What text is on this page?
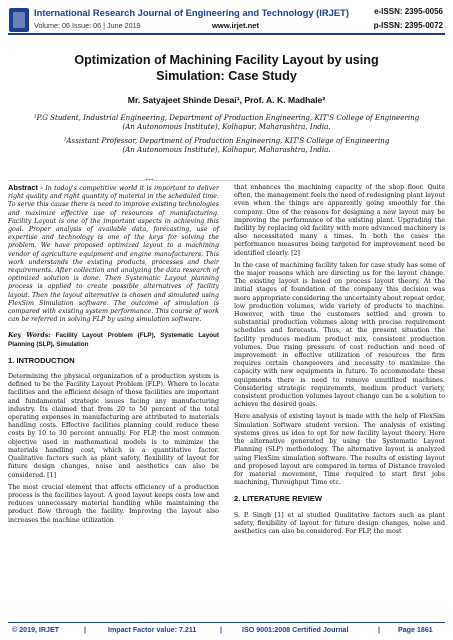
International Research Journal of Engineering and Technology (IRJET)	e-ISSN: 2395-0056
Volume: 06 Issue: 06 | June 2019	www.irjet.net	p-ISSN: 2395-0072
Optimization of Machining Facility Layout by using
Simulation: Case Study
Mr. Satyajeet Shinde Desai¹, Prof. A. K. Madhale²
¹P.G Student, Industrial Engineering, Department of Production Engineering, KIT'S College of Engineering
(An Autonomous Institute), Kolhapur, Maharashtra, India.
²Assistant Professor, Department of Production Engineering, KIT'S College of Engineering
(An Autonomous Institute), Kolhapur, Maharashtra, India.
---------------------------------------------------------------------***---------------------------------------------------------------------

Abstract - In today's competitive world it is important to deliver right quality and right quantity of material in the scheduled time. To serve this cause there is need to improve existing technologies and maximize effective use of resources of manufacturing. Facility Layout is one of the important aspects in achieving this goal. Proper analysis of available data, forecasting, use of expertise and technology is one of the keys for solving the problem. We have proposed optimized layout to a machining vendor of agriculture equipment and engine manufacturers. This work understands the existing products, processes and their requirements. After collection and analyzing the data research of optimized solution is done. Then Systematic Layout planning process is applied to create possible alternatives of facility layout. Then the layout alternative is chosen and simulated using FlexSim Simulation software. The outcome of simulation is compared with existing system performance. This course of work can be referred in solving FLP by using simulation software.

Key Words: Facility Layout Problem (FLP), Systematic Layout Planning (SLP), Simulation

1. INTRODUCTION

Determining the physical organization of a production system is defined to be the Facility Layout Problem (FLP). Where to locate facilities and the efficient design of those facilities are important and fundamental strategic issues facing any manufacturing industry. Its claimed that from 20 to 50 percent of the total operating expenses in manufacturing are attributed to materials handling costs. Effective facilities planning could reduce these costs by 10 to 30 percent annually. For FLP, the most common objective used in mathematical models is to minimize the materials handling cost, which is a quantitative factor. Qualitative factors such as plant safety, flexibility of layout for future design changes, noise and aesthetics can also be considered. [1]

The most crucial element that affects efficiency of a production process is the facilities layout. A good layout keeps costs low and reduces unnecessary material handling while maintaining the product flow through the facility. Improving the layout also increases the machine utilization

that enhances the machining capacity of the shop floor. Quite often, the management feels the need of redesigning plant layout even when the things are apparently going smoothly for the company. One of the reasons for designing a new layout may be improving the performance of the existing plant. Upgrading the facility by replacing old facility with more advanced machinery is also necessitated many a times. In both the cases the performance measures being targeted for improvement need be identified clearly. [2]

In the case of machining facility taken for case study has some of the major reasons which are directing us for the layout change. The existing layout is based on process layout theory. At the initial stages of foundation of the company this decision was more appropriate considering the uncertainty about repeat order, low production volumes, wide variety of products to machine. However, with time the customers settled and grown to substantial production volumes along with precise requirement schedules and forecasts. Thus, at the present situation the facility produces medium product mix, consistent production volumes. Due rising pressure of cost reduction and need of improvement in effective utilization of resources the firm requires certain changeovers and necessity to maximize the capacity with new equipments in future. To accommodate these equipments there is need to remove unutilized machines. Considering strategic requirements, medium product variety, consistent production volumes layout change can be a solution to achieve the desired goals.

Here analysis of existing layout is made with the help of FlexSim Simulation Software student version. The analysis of existing systems gives us idea to opt for new facility layout theory. Here the alternative generated by using the Systematic Layout Planning (SLP) methodology. The alternative layout is analyzed using FlexSim simulation software. The results of existing layout and proposed layout are compared in terms of Distance traveled for material movement, Time required to start first jobs machining, Throughput Time etc.

2. LITERATURE REVIEW

S. P. Singh [1] et al studied Qualitative factors such as plant safety, flexibility of layout for future design changes, noise and aesthetics can also be considered. For FLP, the most

© 2019, IRJET	|	Impact Factor value: 7.211	|	ISO 9001:2008 Certified Journal	|	Page 1861
